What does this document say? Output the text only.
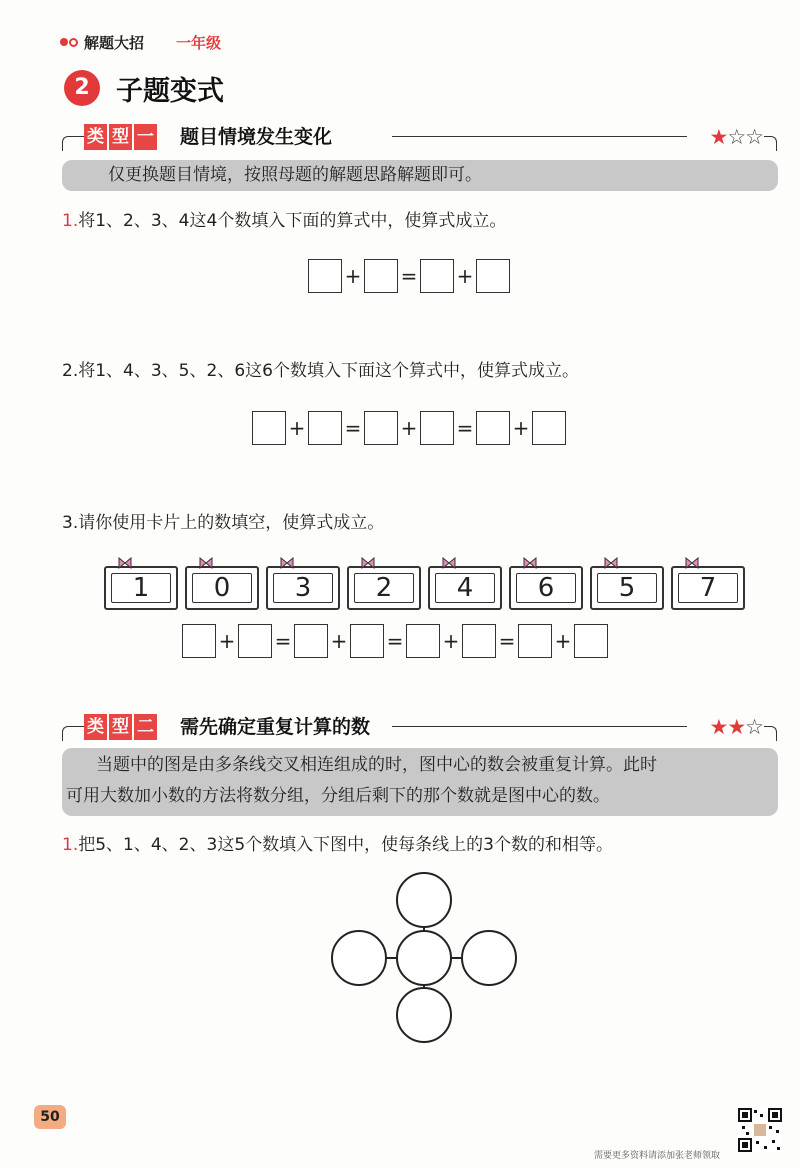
解题大招 一年级
2 子题变式
类 型 一 题目情境发生变化	★☆☆

仅更换题目情境，按照母题的解题思路解题即可。

1.将1、2、3、4这4个数填入下面的算式中，使算式成立。
+ = +
2.将1、4、3、5、2、6这6个数填入下面这个算式中，使算式成立。
+ = + = +
3.请你使用卡片上的数填空，使算式成立。
1	0	3	2	4	6	5	7
+ = + = + = +
类 型 二 需先确定重复计算的数	★★☆

当题中的图是由多条线交叉相连组成的时，图中心的数会被重复计算。此时

可用大数加小数的方法将数分组，分组后剩下的那个数就是图中心的数。

1.把5、1、4、2、3这5个数填入下图中，使每条线上的3个数的和相等。
50
需要更多资料请添加张老师领取
